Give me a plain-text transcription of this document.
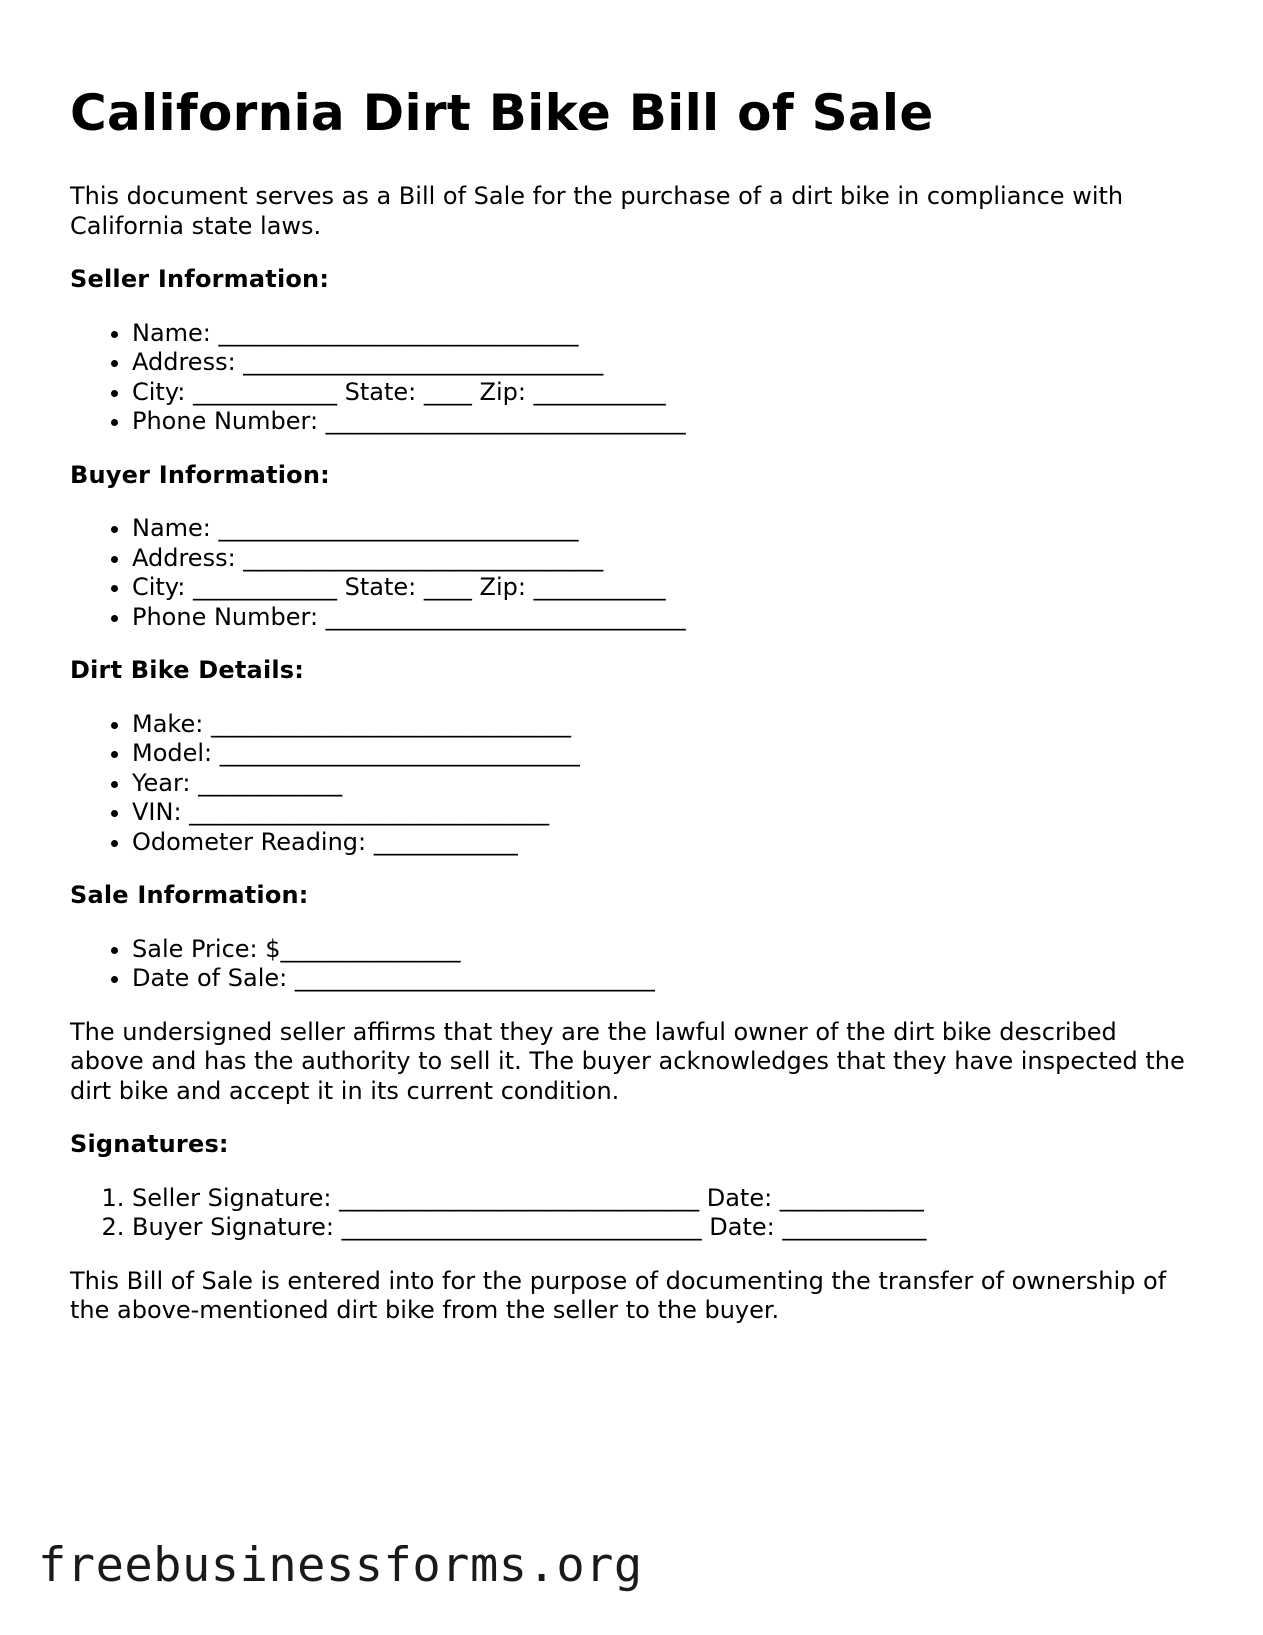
California Dirt Bike Bill of Sale

This document serves as a Bill of Sale for the purchase of a dirt bike in compliance with California state laws.

Seller Information:
• Name: ______________________________
• Address: ______________________________
• City: ____________ State: ____ Zip: ___________
• Phone Number: ______________________________
Buyer Information:
• Name: ______________________________
• Address: ______________________________
• City: ____________ State: ____ Zip: ___________
• Phone Number: ______________________________
Dirt Bike Details:
• Make: ______________________________
• Model: ______________________________
• Year: ____________
• VIN: ______________________________
• Odometer Reading: ____________
Sale Information:
• Sale Price: $_______________
• Date of Sale: ______________________________

The undersigned seller affirms that they are the lawful owner of the dirt bike described above and has the authority to sell it. The buyer acknowledges that they have inspected the dirt bike and accept it in its current condition.

Signatures:
1. Seller Signature: ______________________________ Date: ____________
2. Buyer Signature: ______________________________ Date: ____________

This Bill of Sale is entered into for the purpose of documenting the transfer of ownership of the above-mentioned dirt bike from the seller to the buyer.

freebusinessforms.org
